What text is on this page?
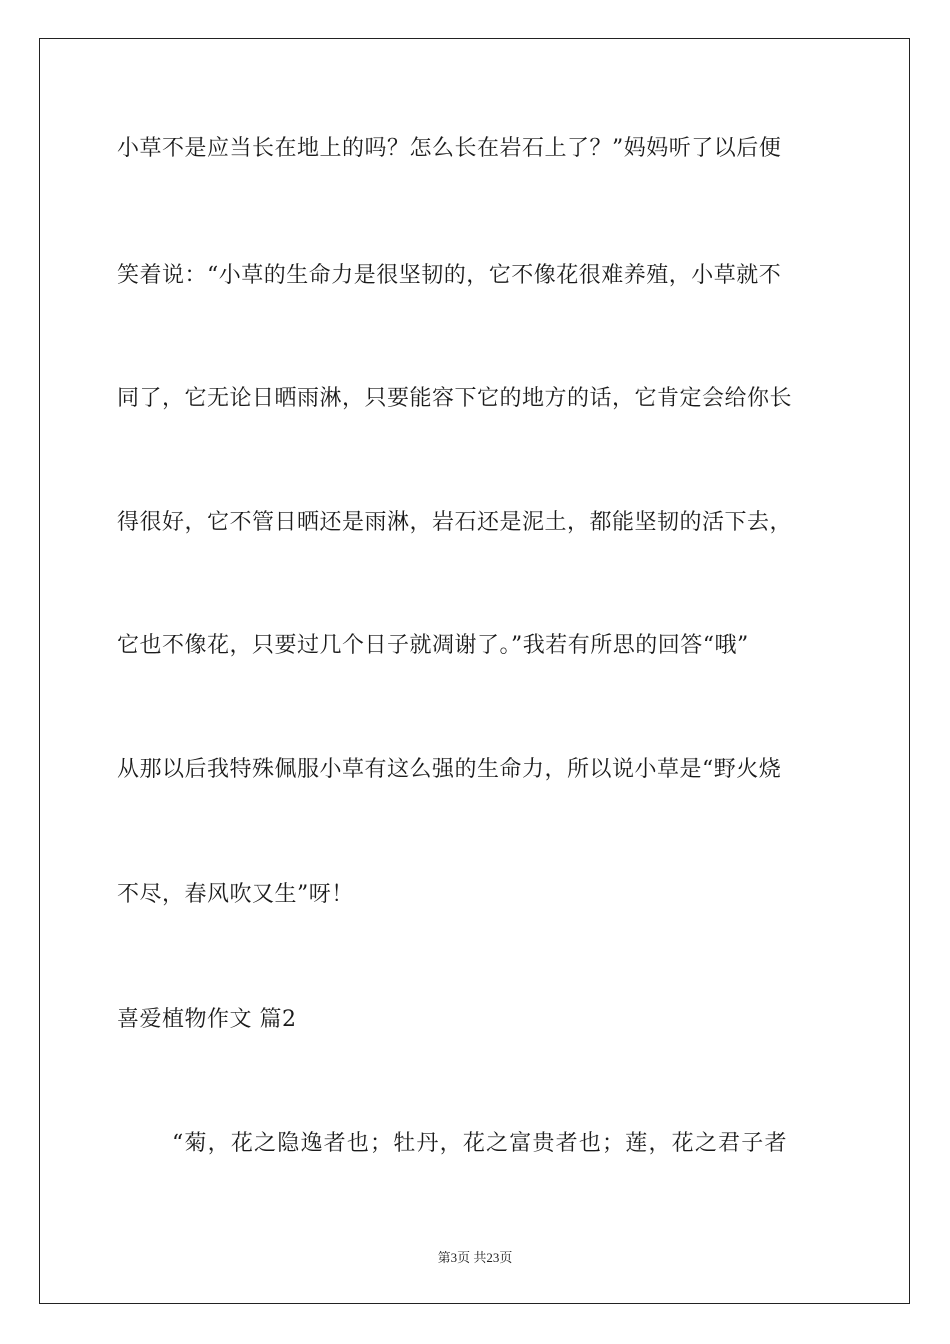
小草不是应当长在地上的吗？怎么长在岩石上了？”妈妈听了以后便
笑着说：“小草的生命力是很坚韧的，它不像花很难养殖，小草就不
同了，它无论日晒雨淋，只要能容下它的地方的话，它肯定会给你长
得很好，它不管日晒还是雨淋，岩石还是泥土，都能坚韧的活下去，
它也不像花，只要过几个日子就凋谢了。”我若有所思的回答“哦”
从那以后我特殊佩服小草有这么强的生命力，所以说小草是“野火烧
不尽，春风吹又生”呀！
喜爱植物作文 篇2
“菊，花之隐逸者也；牡丹，花之富贵者也；莲，花之君子者
第3页 共23页
